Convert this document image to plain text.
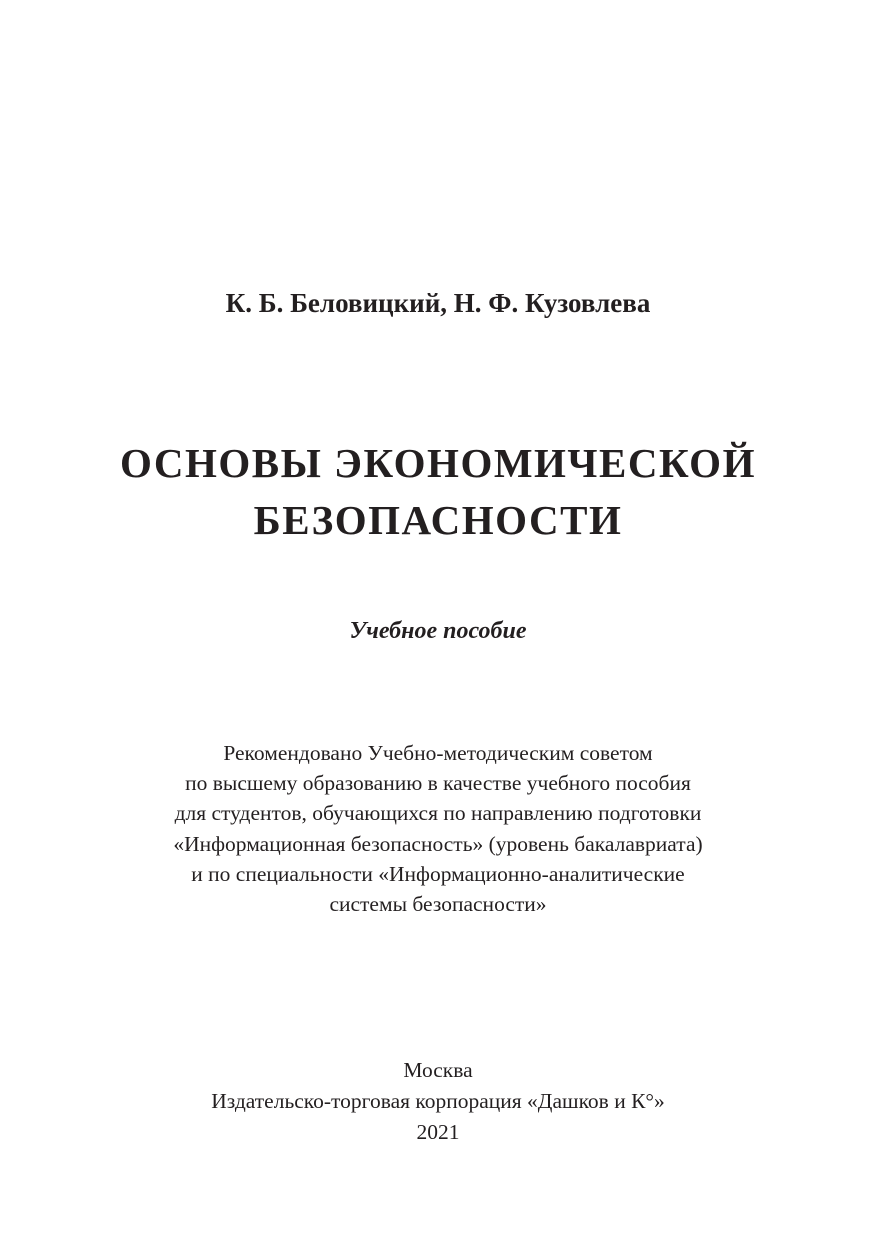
К. Б. Беловицкий, Н. Ф. Кузовлева
ОСНОВЫ ЭКОНОМИЧЕСКОЙ
БЕЗОПАСНОСТИ
Учебное пособие
Рекомендовано Учебно-методическим советом
по высшему образованию в качестве учебного пособия
для студентов, обучающихся по направлению подготовки
«Информационная безопасность» (уровень бакалавриата)
и по специальности «Информационно-аналитические
системы безопасности»
Москва
Издательско-торговая корпорация «Дашков и К°»
2021
